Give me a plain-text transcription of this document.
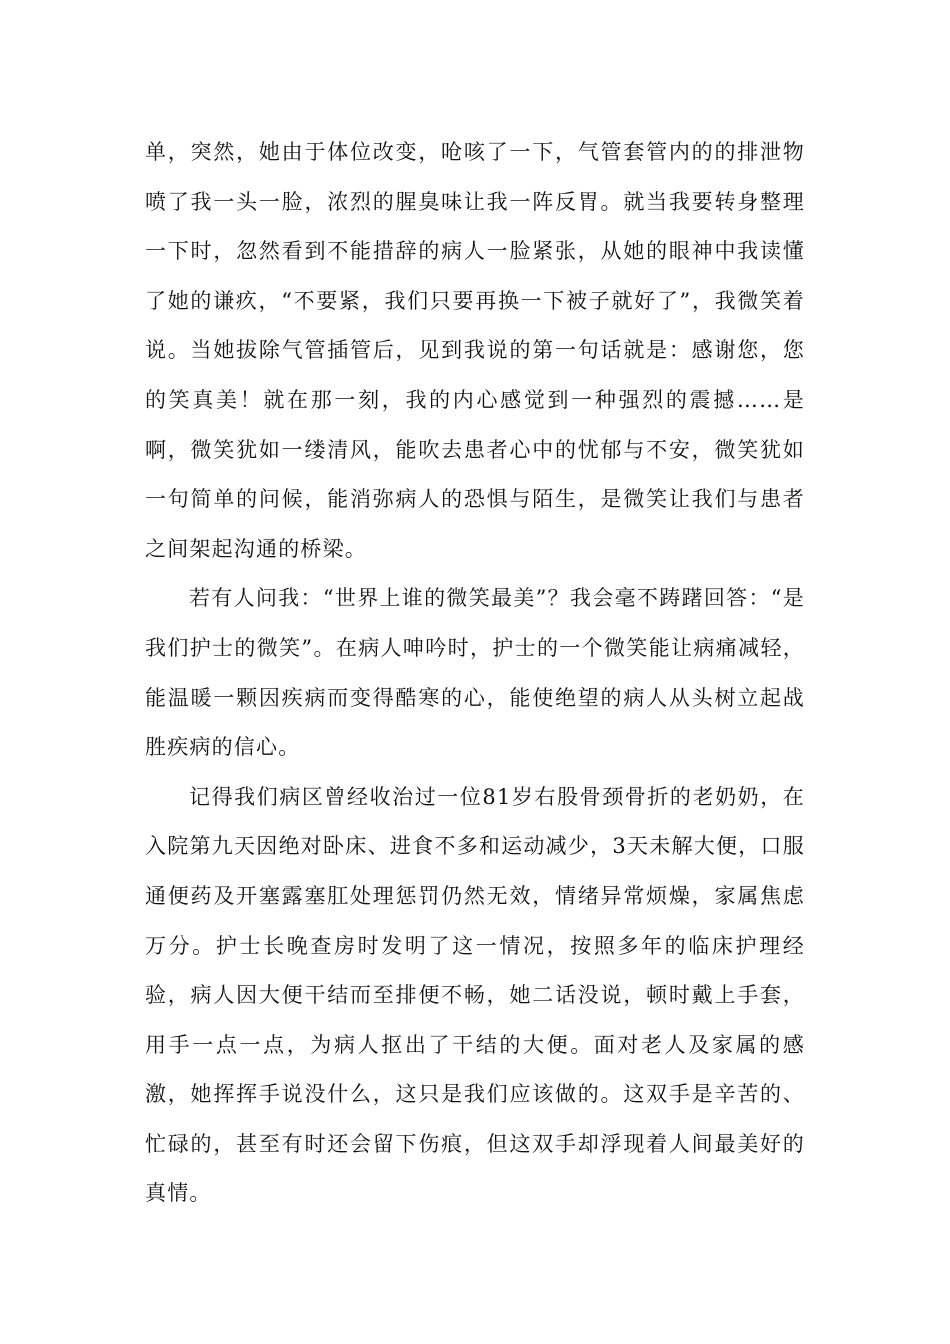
单，突然，她由于体位改变，呛咳了一下，气管套管内的的排泄物喷了我一头一脸，浓烈的腥臭味让我一阵反胃。就当我要转身整理一下时，忽然看到不能措辞的病人一脸紧张，从她的眼神中我读懂了她的谦疚，“不要紧，我们只要再换一下被子就好了”，我微笑着说。当她拔除气管插管后，见到我说的第一句话就是：感谢您，您的笑真美！就在那一刻，我的内心感觉到一种强烈的震撼……是啊，微笑犹如一缕清风，能吹去患者心中的忧郁与不安，微笑犹如一句简单的问候，能消弥病人的恐惧与陌生，是微笑让我们与患者之间架起沟通的桥梁。

若有人问我：“世界上谁的微笑最美”？我会毫不踌躇回答：“是我们护士的微笑”。在病人呻吟时，护士的一个微笑能让病痛减轻，能温暖一颗因疾病而变得酷寒的心，能使绝望的病人从头树立起战胜疾病的信心。

记得我们病区曾经收治过一位81岁右股骨颈骨折的老奶奶，在入院第九天因绝对卧床、进食不多和运动减少，3天未解大便，口服通便药及开塞露塞肛处理惩罚仍然无效，情绪异常烦燥，家属焦虑万分。护士长晚查房时发明了这一情况，按照多年的临床护理经验，病人因大便干结而至排便不畅，她二话没说，顿时戴上手套，用手一点一点，为病人抠出了干结的大便。面对老人及家属的感激，她挥挥手说没什么，这只是我们应该做的。这双手是辛苦的、忙碌的，甚至有时还会留下伤痕，但这双手却浮现着人间最美好的真情。
